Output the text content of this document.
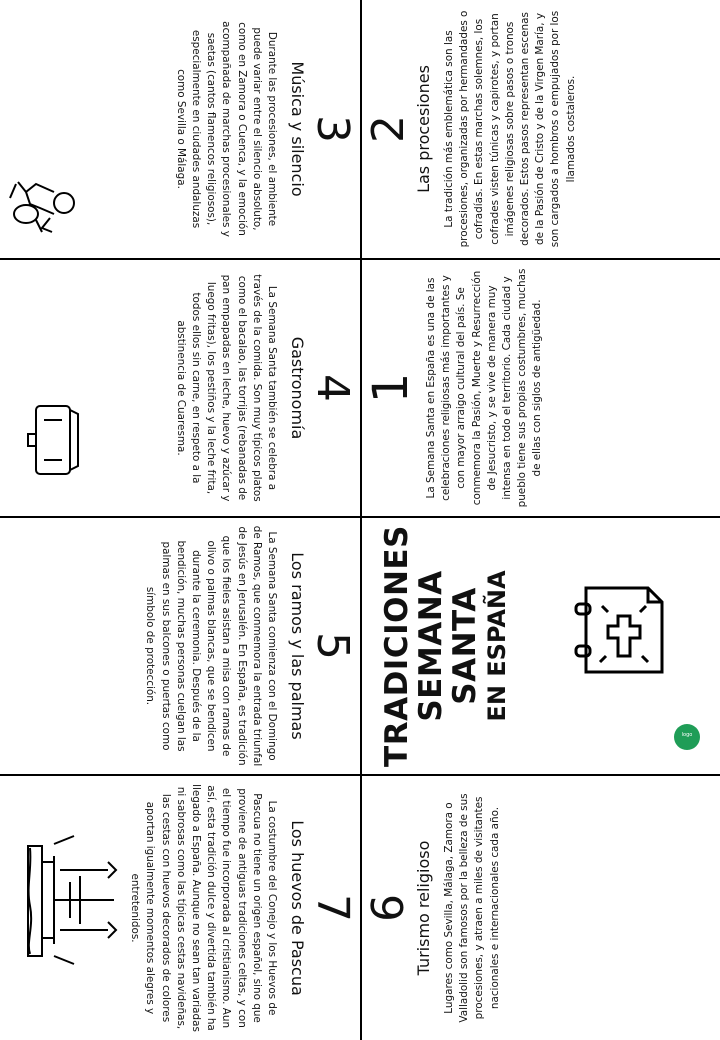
3
Música y silencio
Durante las procesiones, el ambiente puede variar entre el silencio absoluto, como en Zamora o Cuenca, y la emoción acompañada de marchas procesionales y saetas (cantos flamencos religiosos), especialmente en ciudades andaluzas como Sevilla o Málaga.	2 Las procesiones La tradición más emblemática son las procesiones, organizadas por hermandades o cofradías. En estas marchas solemnes, los cofrades visten túnicas y capirotes, y portan imágenes religiosas sobre pasos o tronos decorados. Estos pasos representan escenas de la Pasión de Cristo y de la Virgen María, y son cargados a hombros o empujados por los llamados costaleros.
4
Gastronomía
La Semana Santa también se celebra a través de la comida. Son muy típicos platos como el bacalao, las torrijas (rebanadas de pan empapadas en leche, huevo y azúcar y luego fritas), los pestiños y la leche frita, todos ellos sin carne, en respeto a la abstinencia de Cuaresma.	1 La Semana Santa en España es una de las celebraciones religiosas más importantes y con mayor arraigo cultural del país. Se conmemora la Pasión, Muerte y Resurrección de Jesucristo, y se vive de manera muy intensa en todo el territorio. Cada ciudad y pueblo tiene sus propias costumbres, muchas de ellas con siglos de antigüedad.
5
Los ramos y las palmas
La Semana Santa comienza con el Domingo de Ramos, que conmemora la entrada triunfal de Jesús en Jerusalén. En España, es tradición que los fieles asistan a misa con ramas de olivo o palmas blancas, que se bendicen durante la ceremonia. Después de la bendición, muchas personas cuelgan las palmas en sus balcones o puertas como símbolo de protección.	TRADICIONES
SEMANA SANTA EN ESPAÑA
logo
7
Los huevos de Pascua
La costumbre del Conejo y los Huevos de Pascua no tiene un origen español, sino que proviene de antiguas tradiciones celtas, y con el tiempo fue incorporada al cristianismo. Aun así, esta tradición dulce y divertida también ha llegado a España. Aunque no sean tan variadas ni sabrosas como las típicas cestas navideñas, las cestas con huevos decorados de colores aportan igualmente momentos alegres y entretenidos.	6 Turismo religioso Lugares como Sevilla, Málaga, Zamora o Valladolid son famosos por la belleza de sus procesiones, y atraen a miles de visitantes nacionales e internacionales cada año.
